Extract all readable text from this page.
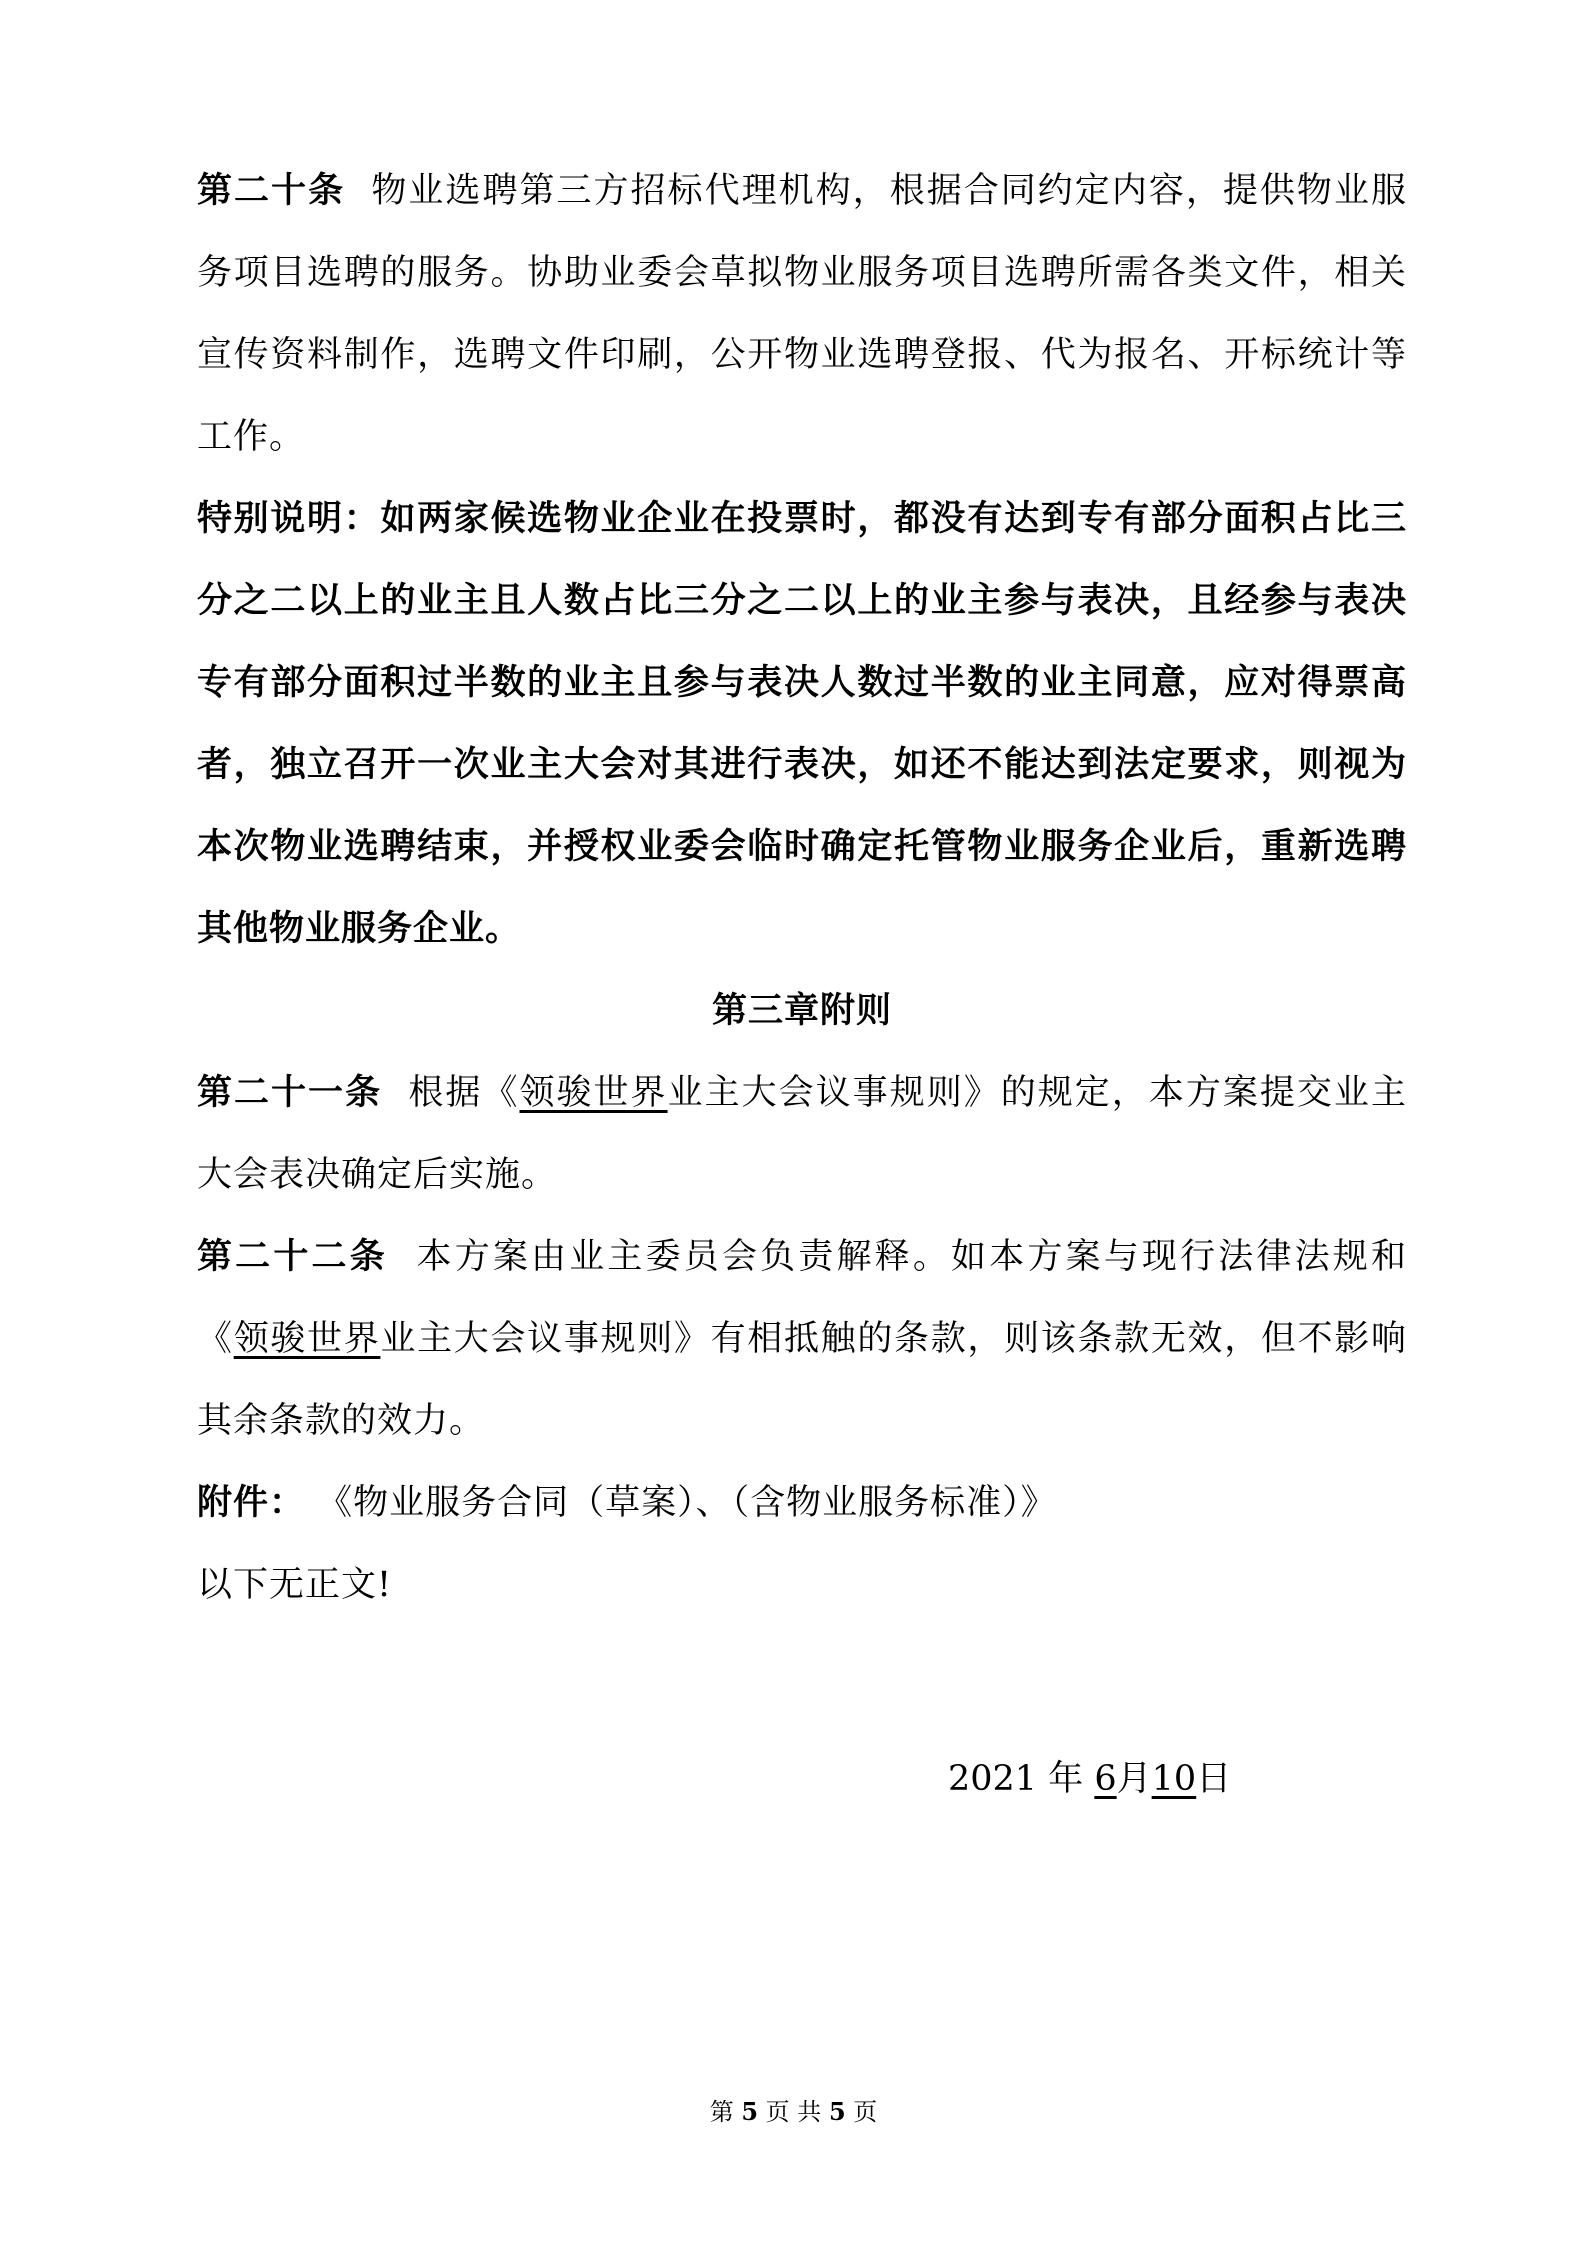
第二十条 物业选聘第三方招标代理机构，根据合同约定内容，提供物业服务项目选聘的服务。协助业委会草拟物业服务项目选聘所需各类文件，相关宣传资料制作，选聘文件印刷，公开物业选聘登报、代为报名、开标统计等工作。

特别说明：如两家候选物业企业在投票时，都没有达到专有部分面积占比三分之二以上的业主且人数占比三分之二以上的业主参与表决，且经参与表决专有部分面积过半数的业主且参与表决人数过半数的业主同意，应对得票高者，独立召开一次业主大会对其进行表决，如还不能达到法定要求，则视为本次物业选聘结束，并授权业委会临时确定托管物业服务企业后，重新选聘其他物业服务企业。

第三章附则

第二十一条 根据《领骏世界业主大会议事规则》的规定，本方案提交业主大会表决确定后实施。

第二十二条 本方案由业主委员会负责解释。如本方案与现行法律法规和《领骏世界业主大会议事规则》有相抵触的条款，则该条款无效，但不影响其余条款的效力。

附件： 《物业服务合同（草案）、（含物业服务标准）》

以下无正文!

2021 年 6月10日
第 5 页 共 5 页
